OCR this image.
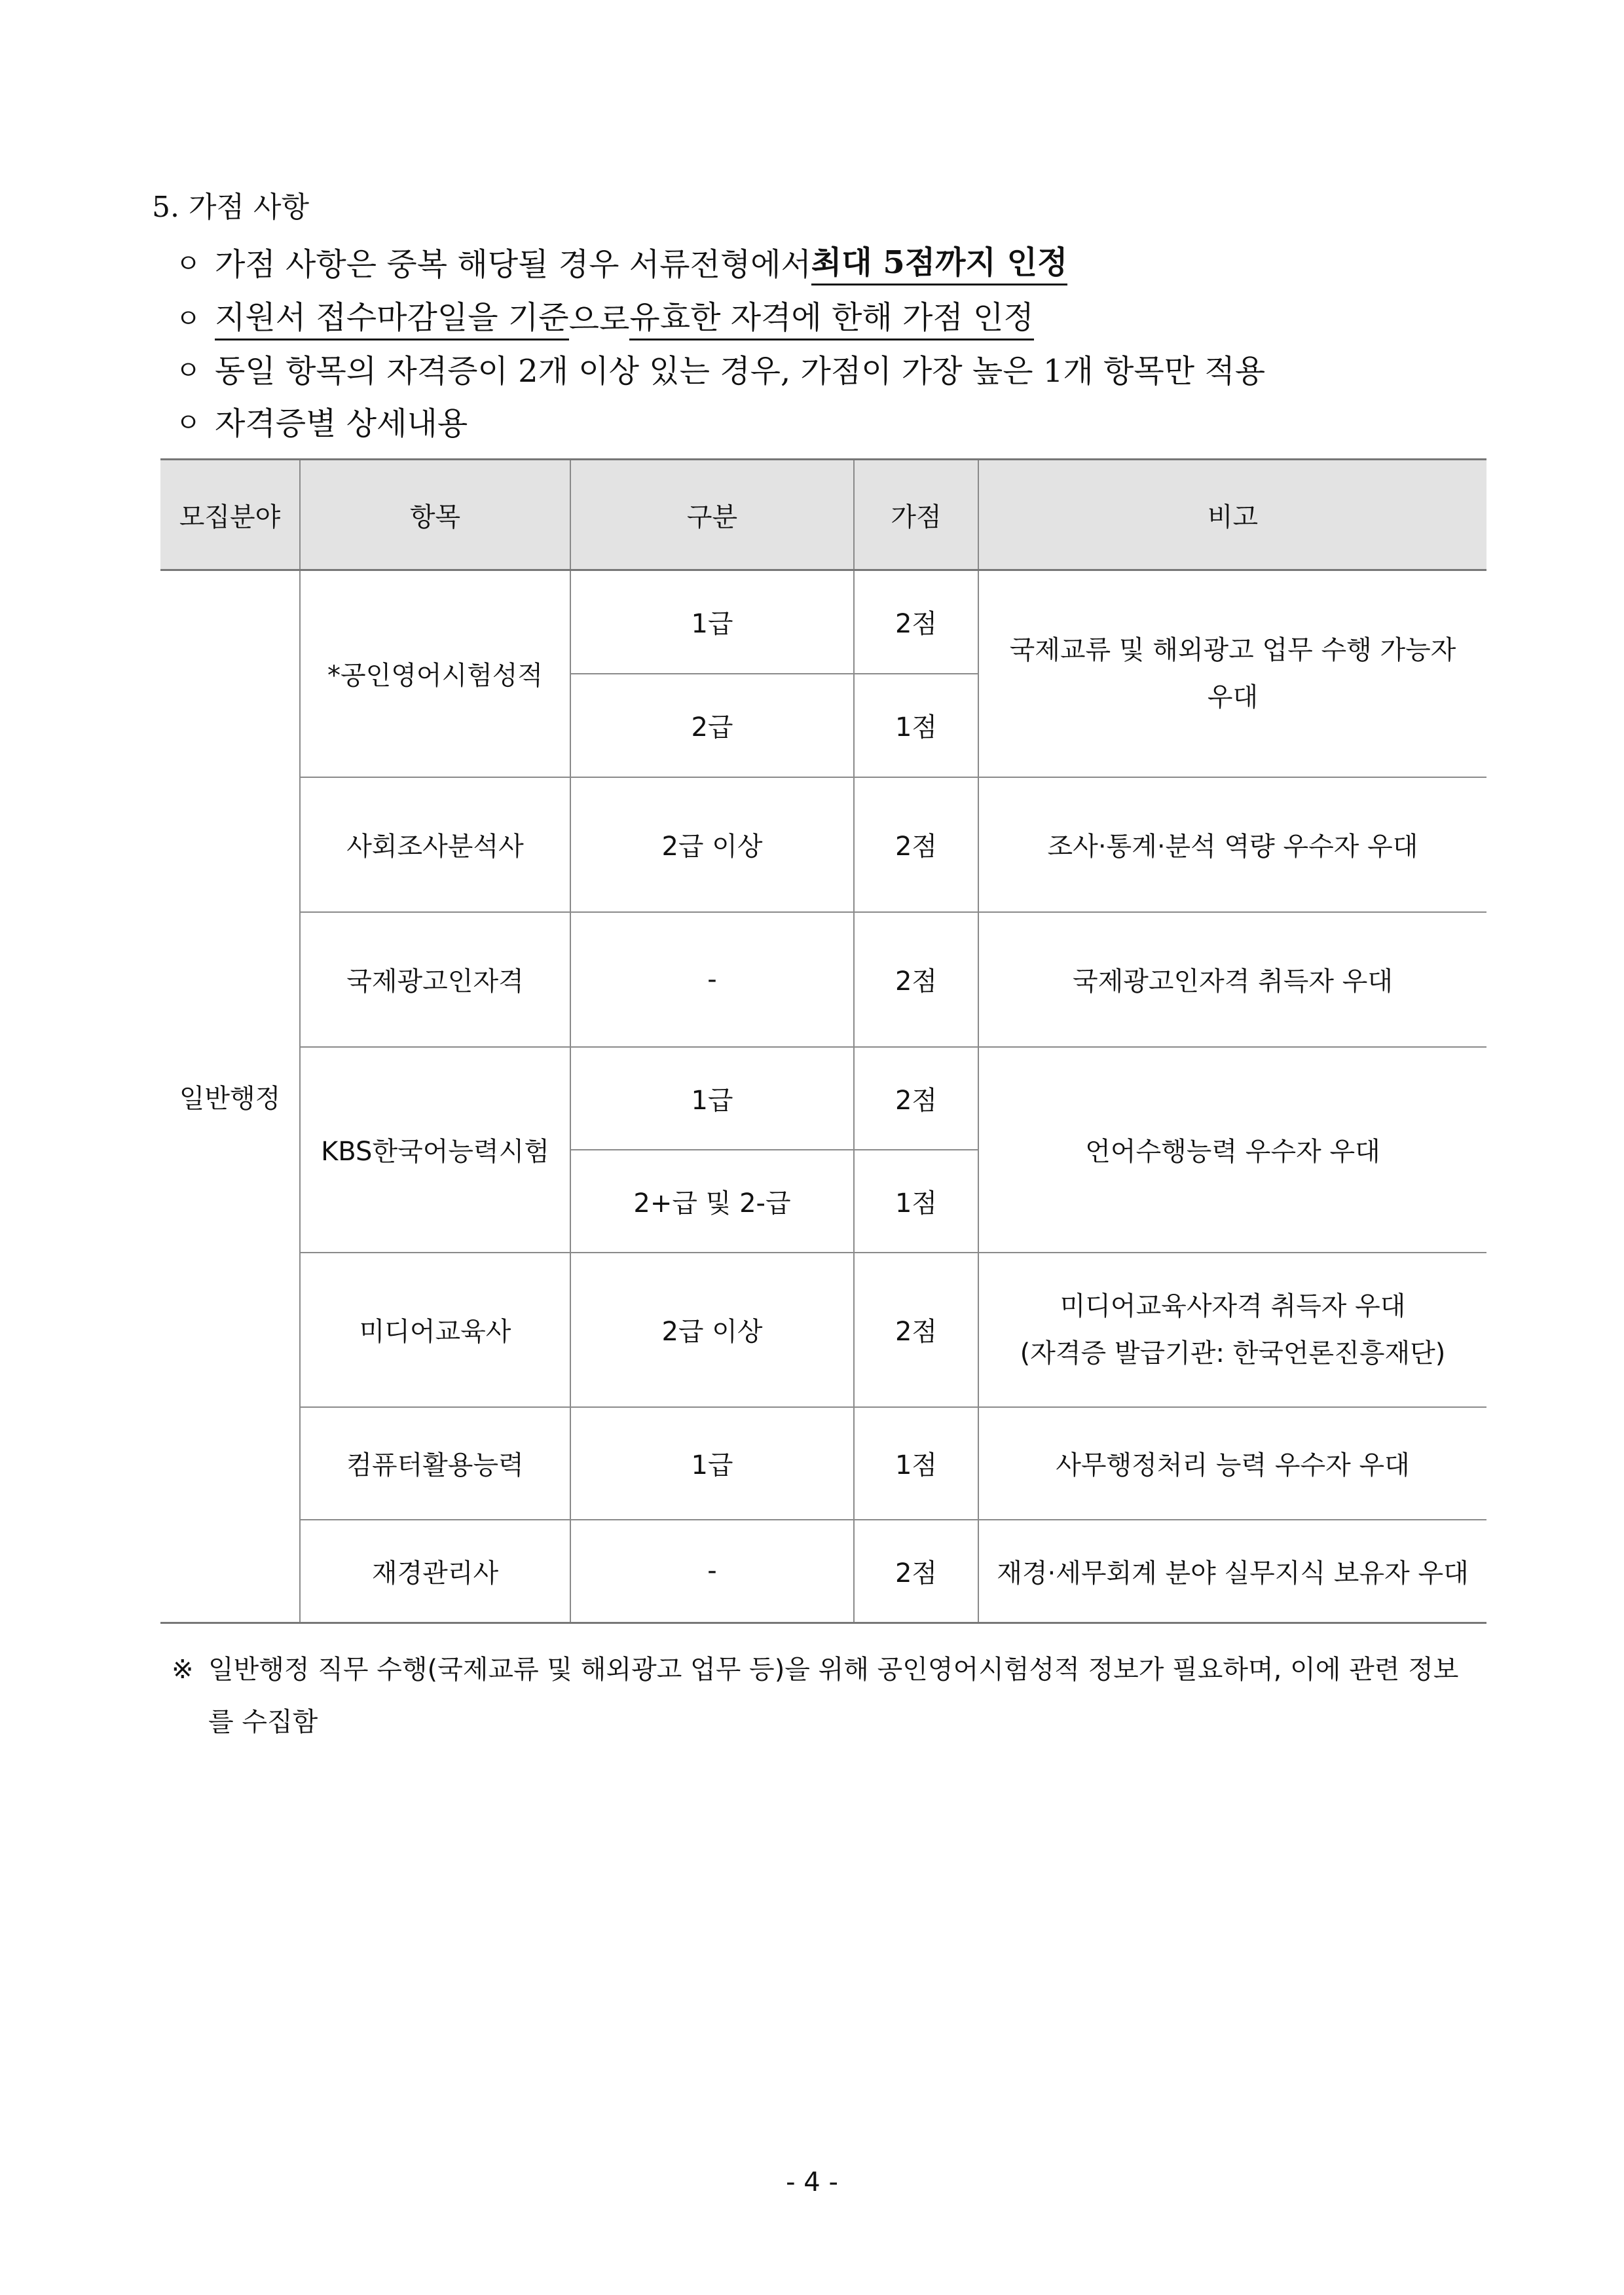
5. 가점 사항
ㅇ 가점 사항은 중복 해당될 경우 서류전형에서 최대 5점까지 인정
ㅇ 지원서 접수마감일을 기준 으로 유효한 자격에 한해 가점 인정
ㅇ 동일 항목의 자격증이 2개 이상 있는 경우, 가점이 가장 높은 1개 항목만 적용
ㅇ 자격증별 상세내용
모집분야	항목	구분	가점	비고
일반행정	*공인영어시험성적	1급	2점	국제교류 및 해외광고 업무 수행 가능자
우대

		2급	1점	
	사회조사분석사	2급 이상	2점	조사·통계·분석 역량 우수자 우대
	국제광고인자격	-	2점	국제광고인자격 취득자 우대
	KBS한국어능력시험	1급	2점	언어수행능력 우수자 우대
		2+급 및 2-급	1점	
	미디어교육사	2급 이상	2점	미디어교육사자격 취득자 우대
(자격증 발급기관: 한국언론진흥재단)

	컴퓨터활용능력	1급	1점	사무행정처리 능력 우수자 우대
	재경관리사	-	2점	재경·세무회계 분야 실무지식 보유자 우대
※ 일반행정 직무 수행(국제교류 및 해외광고 업무 등)을 위해 공인영어시험성적 정보가 필요하며, 이에 관련 정보를 수집함
- 4 -
